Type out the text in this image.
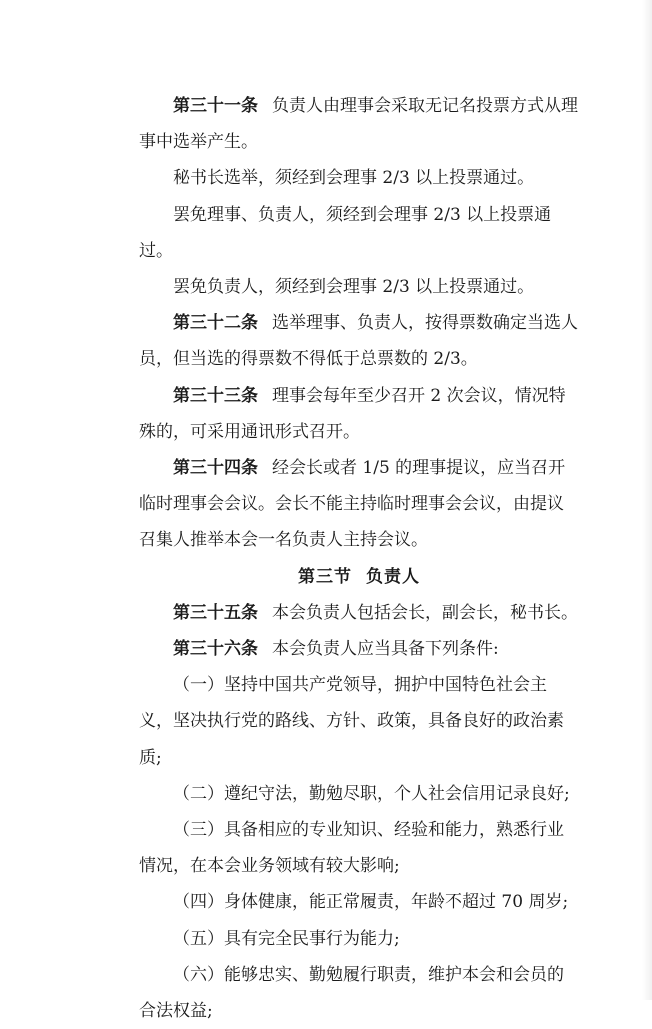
第三十一条 负责人由理事会采取无记名投票方式从理事中选举产生。

秘书长选举，须经到会理事 2/3 以上投票通过。

罢免理事、负责人，须经到会理事 2/3 以上投票通过。

罢免负责人，须经到会理事 2/3 以上投票通过。

第三十二条 选举理事、负责人，按得票数确定当选人员，但当选的得票数不得低于总票数的 2/3。

第三十三条 理事会每年至少召开 2 次会议，情况特殊的，可采用通讯形式召开。

第三十四条 经会长或者 1/5 的理事提议，应当召开临时理事会会议。会长不能主持临时理事会会议，由提议召集人推举本会一名负责人主持会议。

第三节 负责人

第三十五条 本会负责人包括会长，副会长，秘书长。

第三十六条 本会负责人应当具备下列条件:

（一）坚持中国共产党领导，拥护中国特色社会主义，坚决执行党的路线、方针、政策，具备良好的政治素质;

（二）遵纪守法，勤勉尽职，个人社会信用记录良好;

（三）具备相应的专业知识、经验和能力，熟悉行业情况，在本会业务领域有较大影响;

（四）身体健康，能正常履责，年龄不超过 70 周岁;

（五）具有完全民事行为能力;

（六）能够忠实、勤勉履行职责，维护本会和会员的合法权益;
